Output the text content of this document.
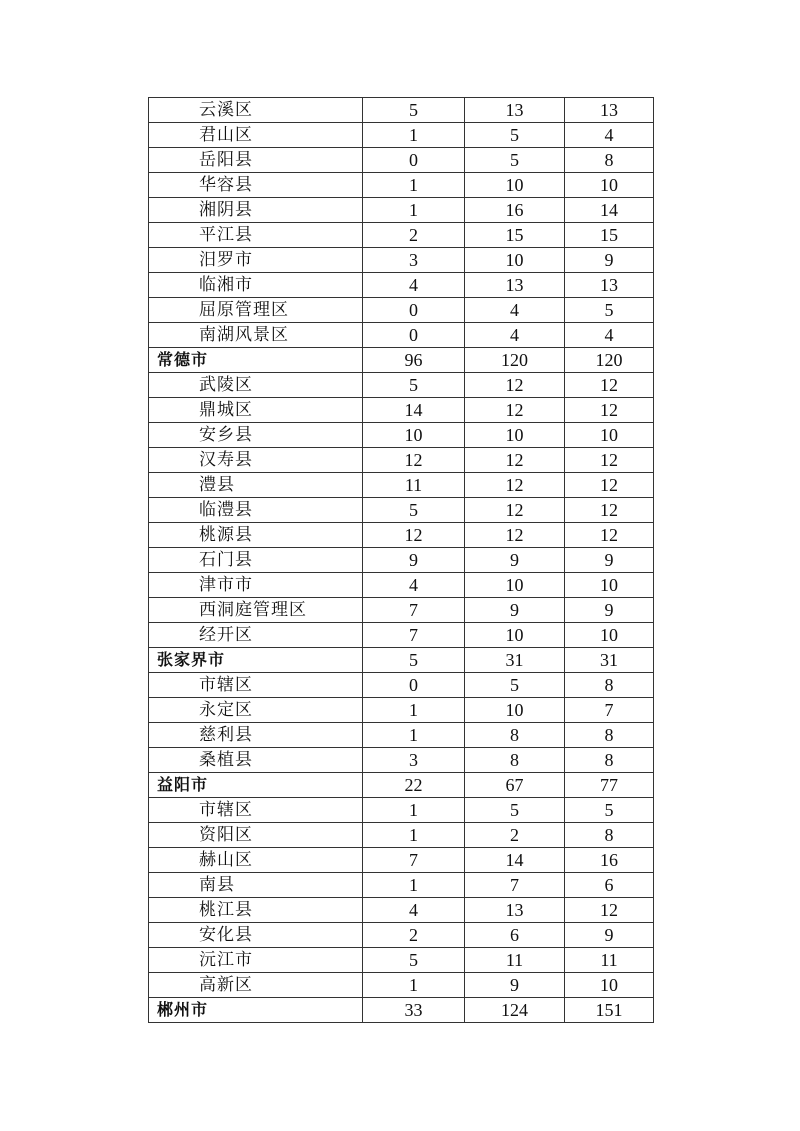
云溪区	5	13	13
君山区	1	5	4
岳阳县	0	5	8
华容县	1	10	10
湘阴县	1	16	14
平江县	2	15	15
汨罗市	3	10	9
临湘市	4	13	13
屈原管理区	0	4	5
南湖风景区	0	4	4
常德市	96	120	120
武陵区	5	12	12
鼎城区	14	12	12
安乡县	10	10	10
汉寿县	12	12	12
澧县	11	12	12
临澧县	5	12	12
桃源县	12	12	12
石门县	9	9	9
津市市	4	10	10
西洞庭管理区	7	9	9
经开区	7	10	10
张家界市	5	31	31
市辖区	0	5	8
永定区	1	10	7
慈利县	1	8	8
桑植县	3	8	8
益阳市	22	67	77
市辖区	1	5	5
资阳区	1	2	8
赫山区	7	14	16
南县	1	7	6
桃江县	4	13	12
安化县	2	6	9
沅江市	5	11	11
高新区	1	9	10
郴州市	33	124	151
